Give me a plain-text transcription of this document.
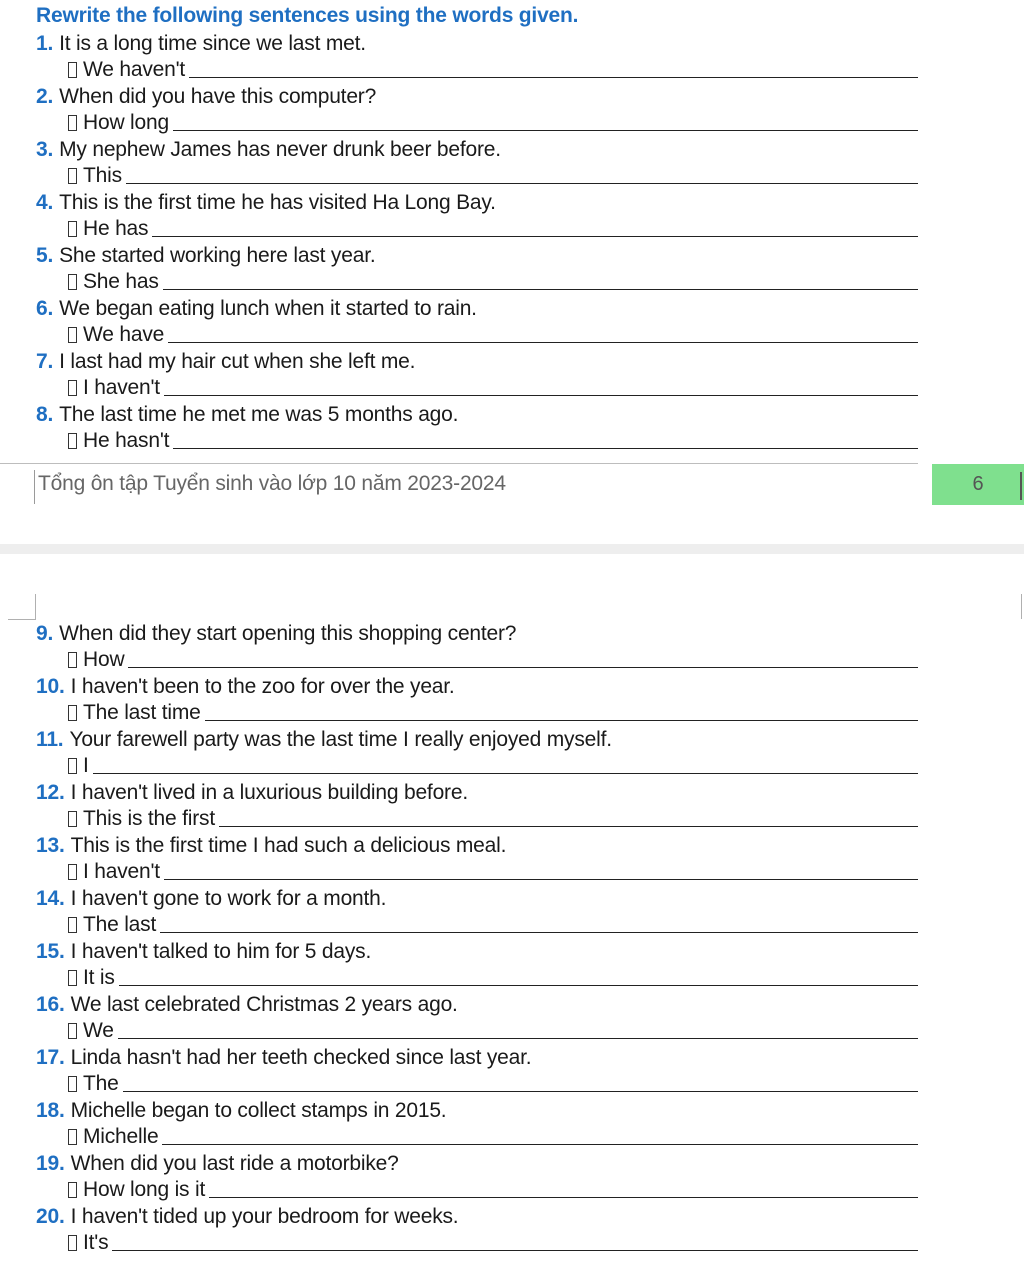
Rewrite the following sentences using the words given.
1. It is a long time since we last met.
We haven't
2. When did you have this computer?
How long
3. My nephew James has never drunk beer before.
This
4. This is the first time he has visited Ha Long Bay.
He has
5. She started working here last year.
She has
6. We began eating lunch when it started to rain.
We have
7. I last had my hair cut when she left me.
I haven't
8. The last time he met me was 5 months ago.
He hasn't
Tổng ôn tập Tuyển sinh vào lớp 10 năm 2023-2024	6
9. When did they start opening this shopping center?
How
10. I haven't been to the zoo for over the year.
The last time
11. Your farewell party was the last time I really enjoyed myself.
I
12. I haven't lived in a luxurious building before.
This is the first
13. This is the first time I had such a delicious meal.
I haven't
14. I haven't gone to work for a month.
The last
15. I haven't talked to him for 5 days.
It is
16. We last celebrated Christmas 2 years ago.
We
17. Linda hasn't had her teeth checked since last year.
The
18. Michelle began to collect stamps in 2015.
Michelle
19. When did you last ride a motorbike?
How long is it
20. I haven't tided up your bedroom for weeks.
It's
